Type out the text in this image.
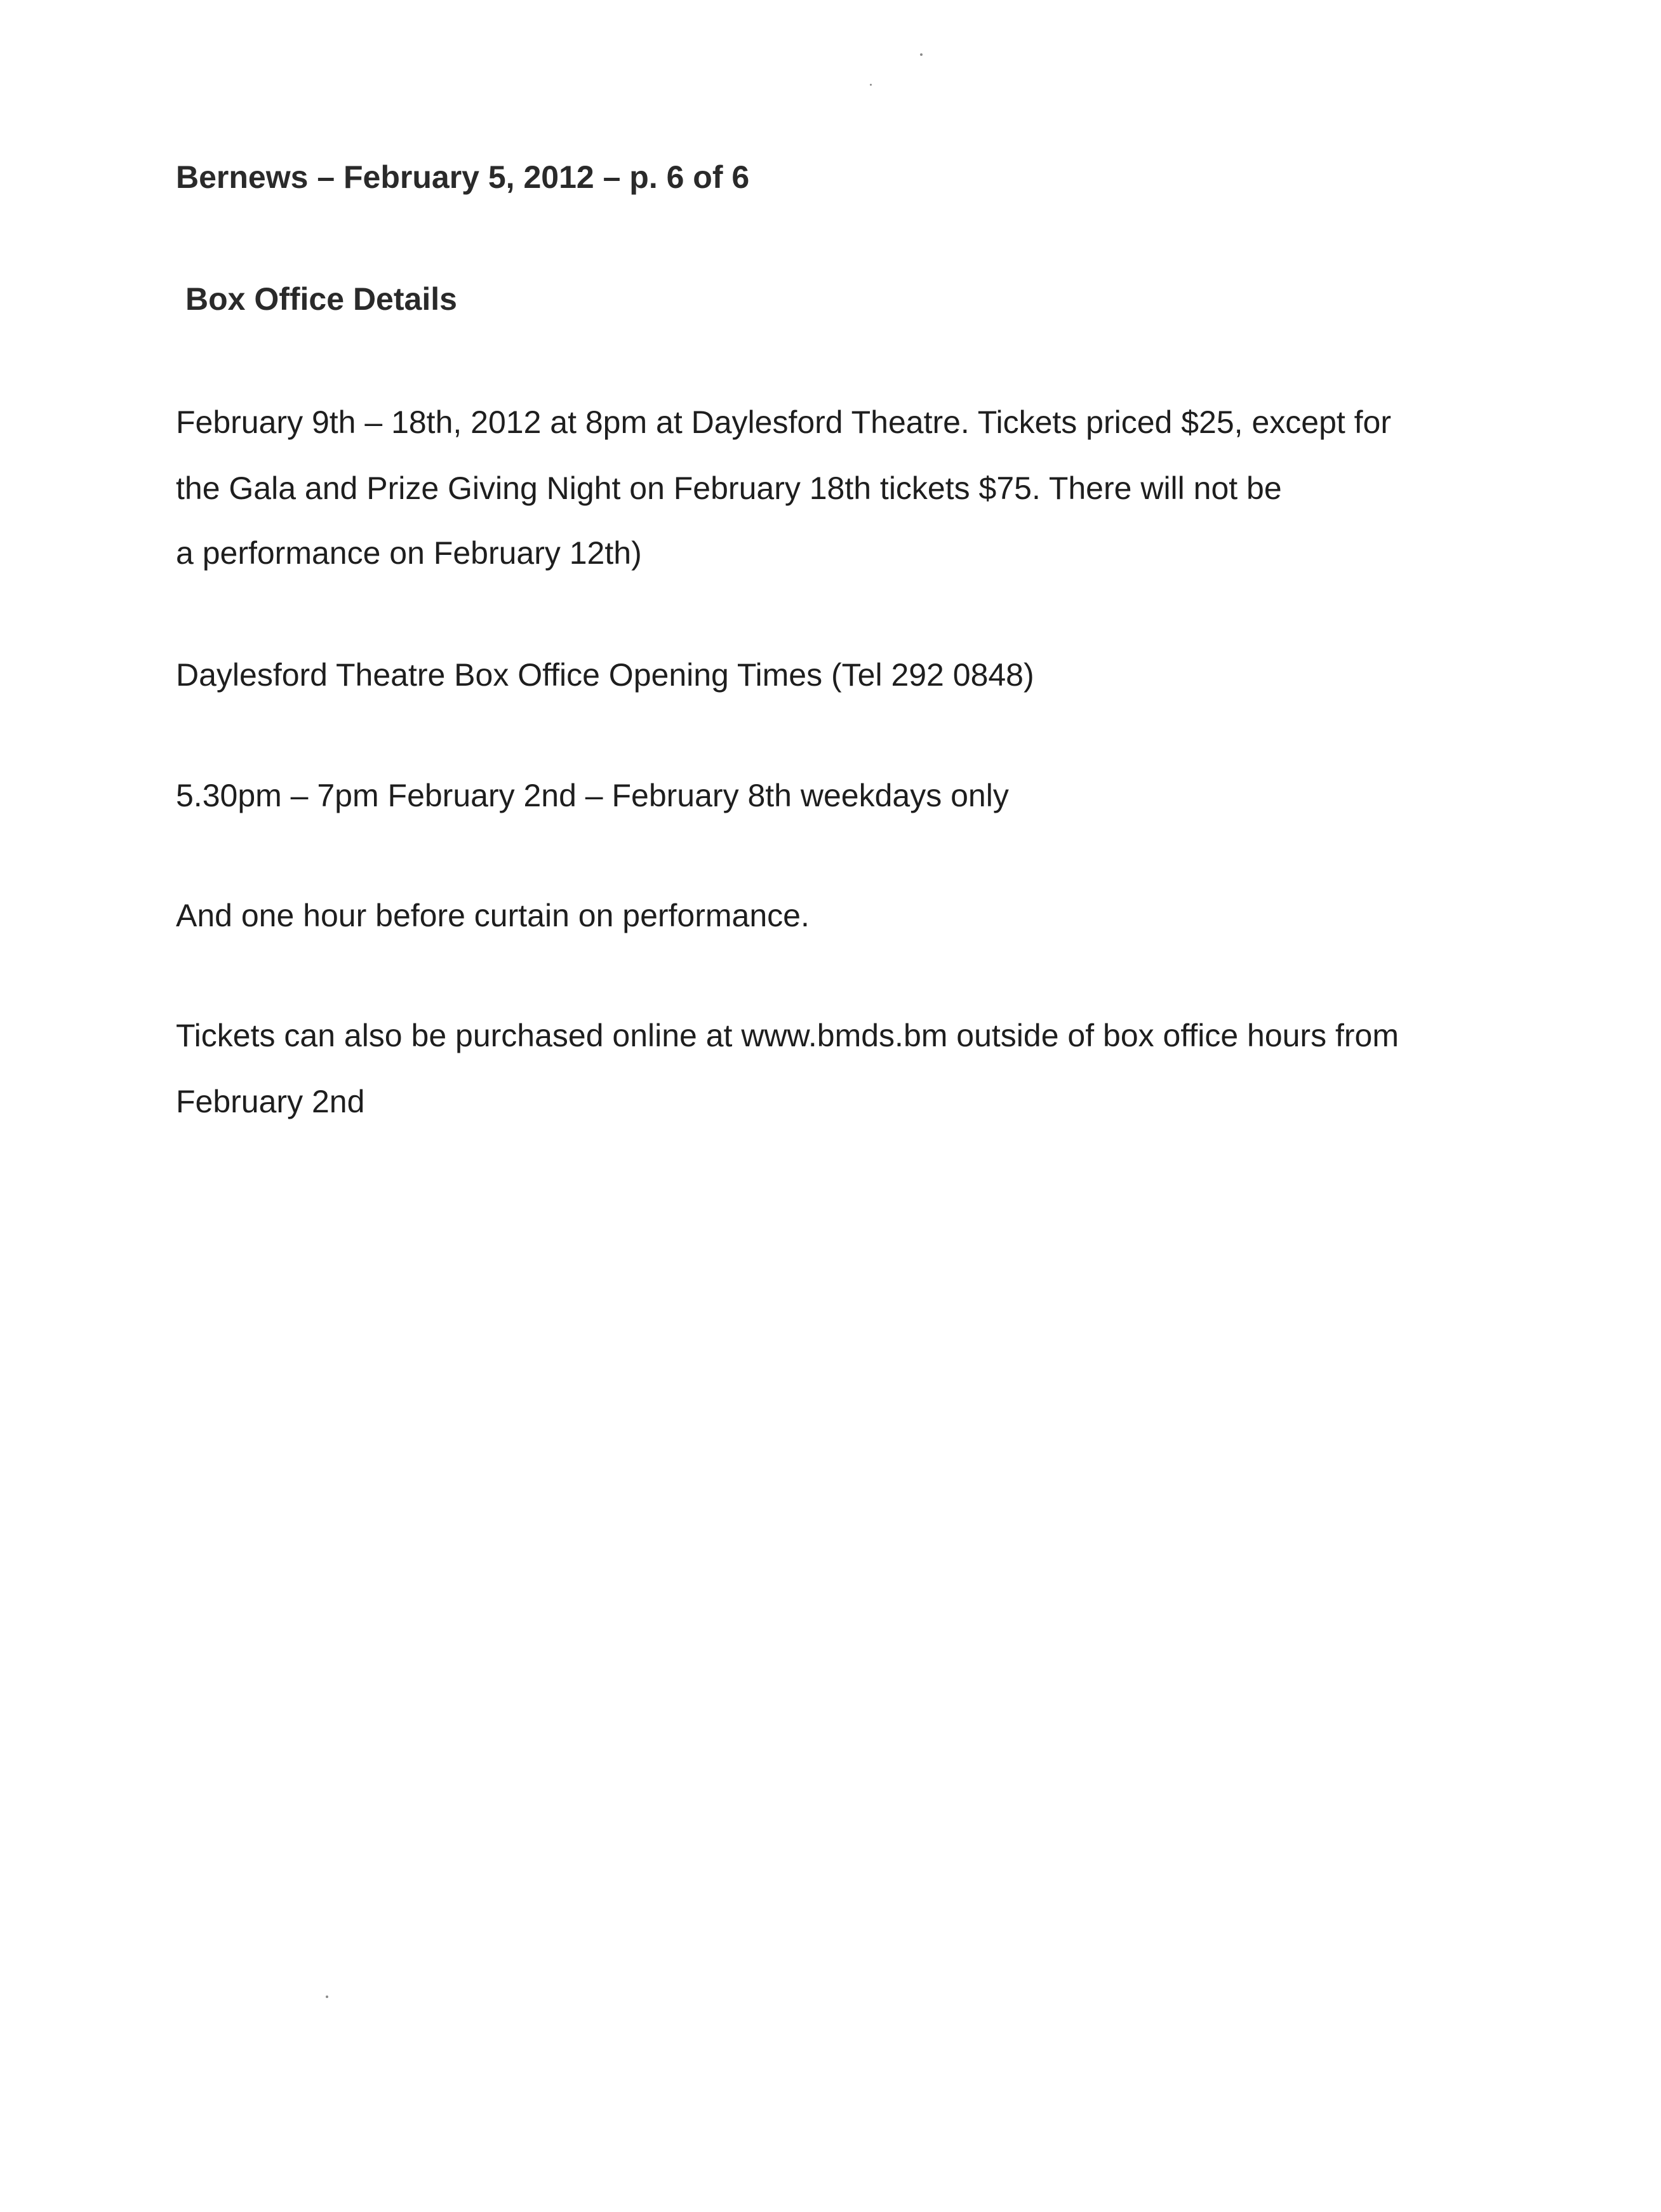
Bernews – February 5, 2012 – p. 6 of 6
Box Office Details
February 9th – 18th, 2012 at 8pm at Daylesford Theatre. Tickets priced $25, except for
the Gala and Prize Giving Night on February 18th tickets $75. There will not be
a performance on February 12th)
Daylesford Theatre Box Office Opening Times (Tel 292 0848)
5.30pm – 7pm February 2nd – February 8th weekdays only
And one hour before curtain on performance.
Tickets can also be purchased online at www.bmds.bm outside of box office hours from
February 2nd
